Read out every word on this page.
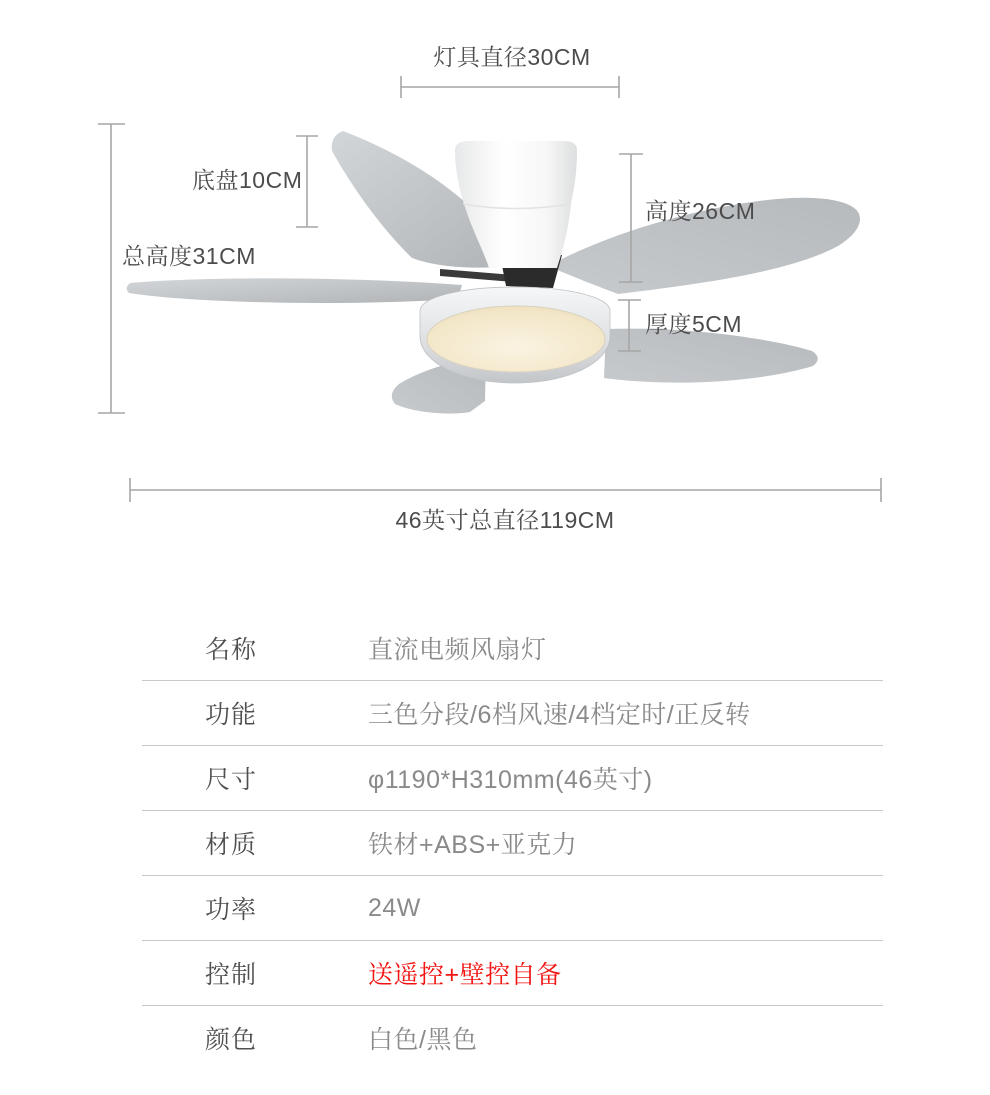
灯具直径30CM
底盘10CM
总高度31CM
高度26CM
厚度5CM
46英寸总直径119CM
名称	直流电频风扇灯
功能	三色分段/6档风速/4档定时/正反转
尺寸	φ1190*H310mm(46英寸)
材质	铁材+ABS+亚克力
功率	24W
控制	送遥控+壁控自备
颜色	白色/黑色
